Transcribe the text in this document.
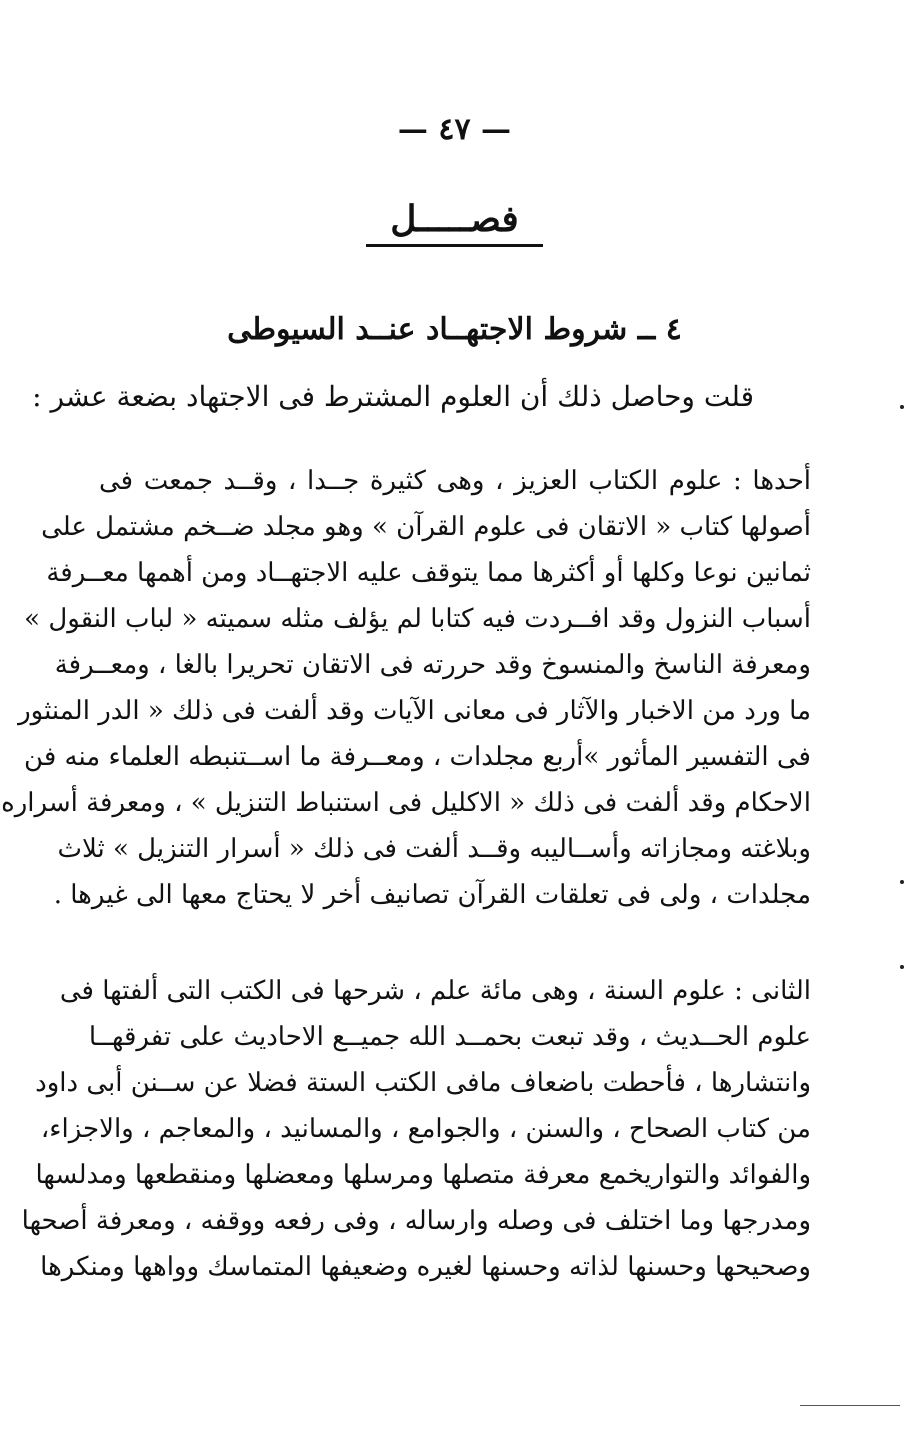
— ٤٧ —
فصـــــل
٤ ــ شروط الاجتهــاد عنــد السيوطى
قلت وحاصل ذلك أن العلوم المشترط فى الاجتهاد بضعة عشر :
أحدها : علوم الكتاب العزيز ، وهى كثيرة جــدا ، وقــد جمعت فى
أصولها كتاب « الاتقان فى علوم القرآن » وهو مجلد ضــخم مشتمل على
ثمانين نوعا وكلها أو أكثرها مما يتوقف عليه الاجتهــاد ومن أهمها معــرفة
أسباب النزول وقد افــردت فيه كتابا لم يؤلف مثله سميته « لباب النقول »
ومعرفة الناسخ والمنسوخ وقد حررته فى الاتقان تحريرا بالغا ، ومعــرفة
ما ورد من الاخبار والآثار فى معانى الآيات وقد ألفت فى ذلك « الدر المنثور
فى التفسير المأثور »أربع مجلدات ، ومعــرفة ما اســتنبطه العلماء منه فن
الاحكام وقد ألفت فى ذلك « الاكليل فى استنباط التنزيل » ، ومعرفة أسراره
وبلاغته ومجازاته وأســاليبه وقــد ألفت فى ذلك « أسرار التنزيل » ثلاث
مجلدات ، ولى فى تعلقات القرآن تصانيف أخر لا يحتاج معها الى غيرها .
الثانى : علوم السنة ، وهى مائة علم ، شرحها فى الكتب التى ألفتها فى
علوم الحــديث ، وقد تبعت بحمــد الله جميــع الاحاديث على تفرقهــا
وانتشارها ، فأحطت باضعاف مافى الكتب الستة فضلا عن ســنن أبى داود
من كتاب الصحاح ، والسنن ، والجوامع ، والمسانيد ، والمعاجم ، والاجزاء،
والفوائد والتواريخمع معرفة متصلها ومرسلها ومعضلها ومنقطعها ومدلسها
ومدرجها وما اختلف فى وصله وارساله ، وفى رفعه ووقفه ، ومعرفة أصحها
وصحيحها وحسنها لذاته وحسنها لغيره وضعيفها المتماسك وواهها ومنكرها
